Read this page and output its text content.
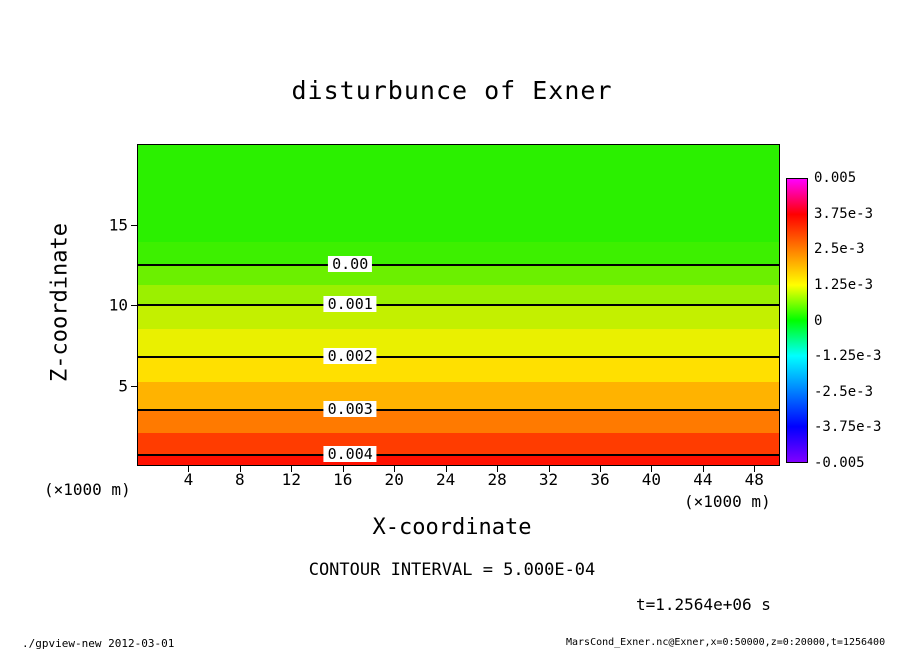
disturbunce of Exner
0.00
0.001
0.002
0.003
0.004
Z-coordinate
X-coordinate
(×1000 m)
(×1000 m)
CONTOUR INTERVAL = 5.000E-04
t=1.2564e+06 s
./gpview-new 2012-03-01	MarsCond_Exner.nc@Exner,x=0:50000,z=0:20000,t=1256400
4	8 12 16 20 24 28 32 36 40 44 48
5
10
15
0.005
3.75e-3
2.5e-3
1.25e-3
0
-1.25e-3
-2.5e-3
-3.75e-3
-0.005
